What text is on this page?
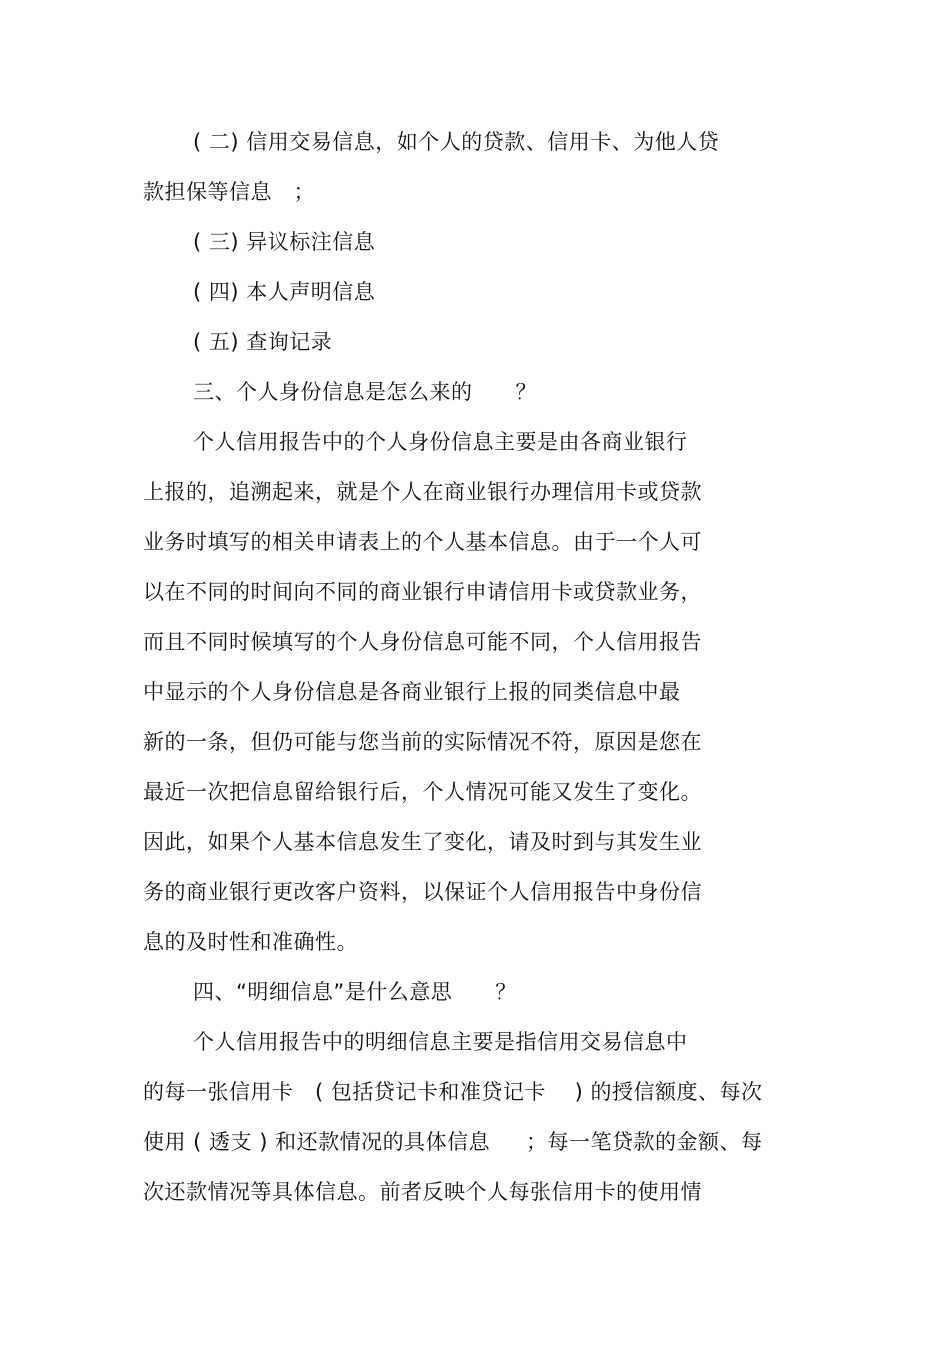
( 二) 信用交易信息，如个人的贷款、信用卡、为他人贷
款担保等信息   ；
( 三) 异议标注信息
( 四) 本人声明信息
( 五) 查询记录
三、个人身份信息是怎么来的      ？
个人信用报告中的个人身份信息主要是由各商业银行
上报的，追溯起来，就是个人在商业银行办理信用卡或贷款
业务时填写的相关申请表上的个人基本信息。由于一个人可
以在不同的时间向不同的商业银行申请信用卡或贷款业务，
而且不同时候填写的个人身份信息可能不同，个人信用报告
中显示的个人身份信息是各商业银行上报的同类信息中最
新的一条，但仍可能与您当前的实际情况不符，原因是您在
最近一次把信息留给银行后，个人情况可能又发生了变化。
因此，如果个人基本信息发生了变化，请及时到与其发生业
务的商业银行更改客户资料，以保证个人信用报告中身份信
息的及时性和准确性。
四、“明细信息”是什么意思      ？
个人信用报告中的明细信息主要是指信用交易信息中
的每一张信用卡   ( 包括贷记卡和准贷记卡    ) 的授信额度、每次
使用 ( 透支 ) 和还款情况的具体信息     ；每一笔贷款的金额、每
次还款情况等具体信息。前者反映个人每张信用卡的使用情
